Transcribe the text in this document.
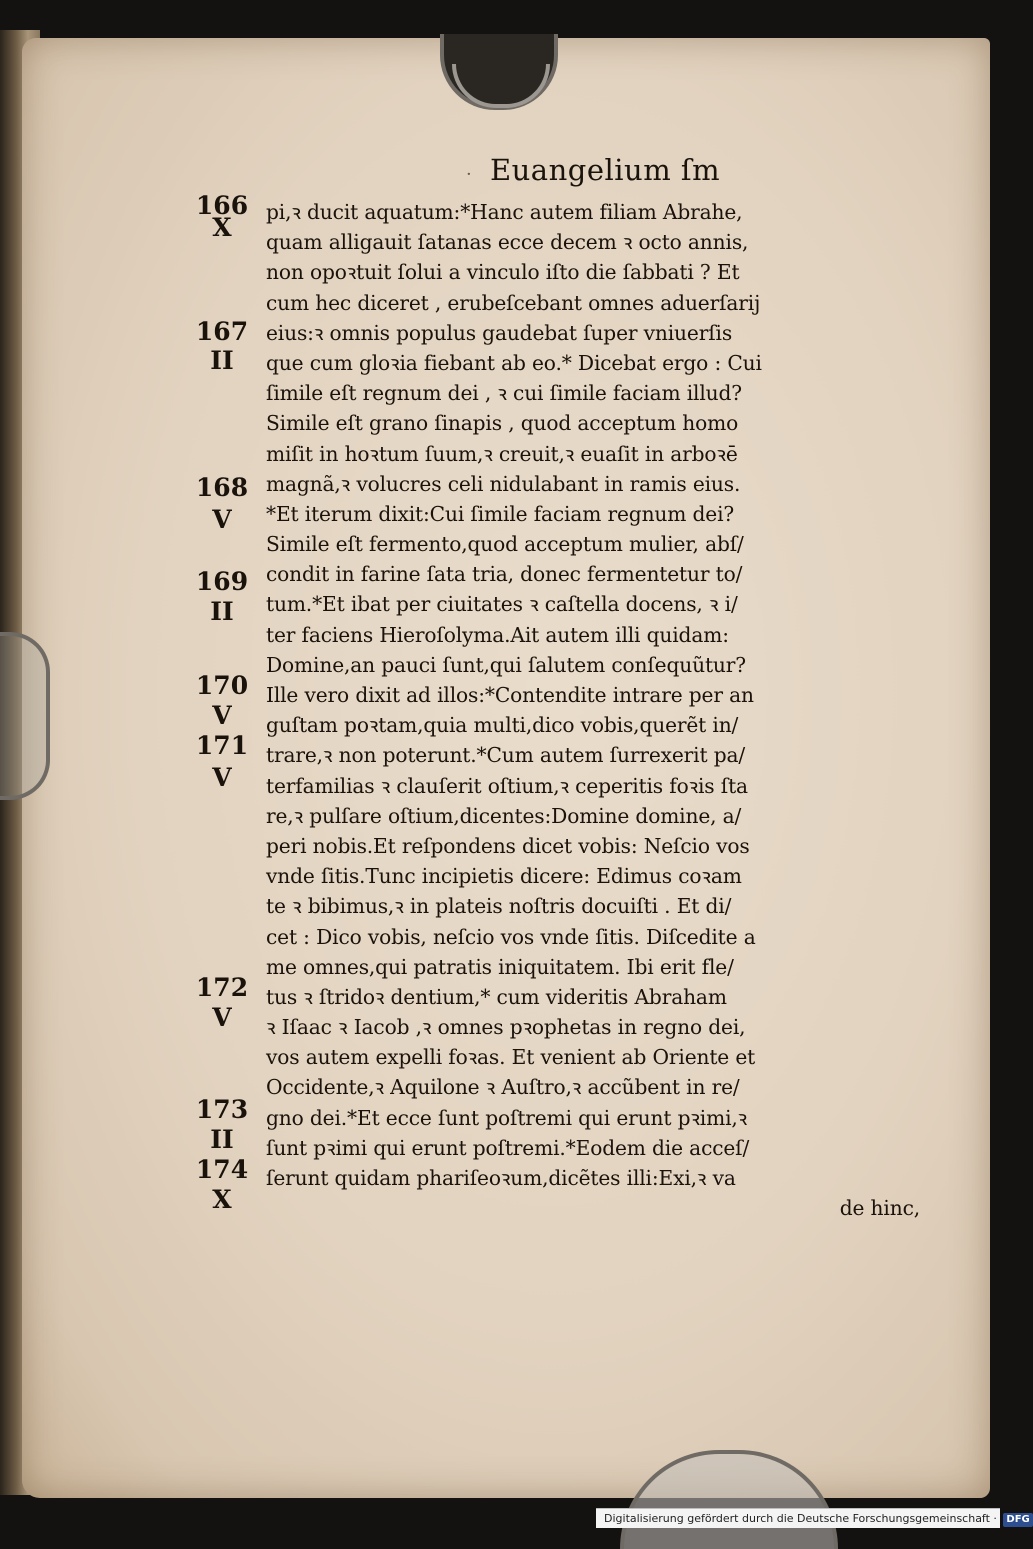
· Euangelium ſm
166
X
167
II
168
V
169
II
170
V
171
V
172
V
173
II
174
X
pi,ꝛ ducit aquatum:*Hanc autem filiam Abrahe,
quam alligauit ſatanas ecce decem ꝛ octo annis,
non opoꝛtuit ſolui a vinculo iſto die ſabbati ? Et
cum hec diceret , erubeſcebant omnes aduerſarij
eius:ꝛ omnis populus gaudebat ſuper vniuerſis
que cum gloꝛia fiebant ab eo.* Dicebat ergo : Cui
ſimile eſt regnum dei , ꝛ cui ſimile faciam illud?
Simile eſt grano ſinapis , quod acceptum homo
miſit in hoꝛtum ſuum,ꝛ creuit,ꝛ euaſit in arboꝛē
magnã,ꝛ volucres celi nidulabant in ramis eius.
*Et iterum dixit:Cui ſimile faciam regnum dei?
Simile eſt fermento,quod acceptum mulier, abſ/
condit in farine ſata tria, donec fermentetur to/
tum.*Et ibat per ciuitates ꝛ caſtella docens, ꝛ i/
ter faciens Hieroſolyma.Ait autem illi quidam:
Domine,an pauci ſunt,qui ſalutem conſequũtur?
Ille vero dixit ad illos:*Contendite intrare per an
guſtam poꝛtam,quia multi,dico vobis,querẽt in/
trare,ꝛ non poterunt.*Cum autem ſurrexerit pa/
terfamilias ꝛ clauſerit oſtium,ꝛ ceperitis foꝛis ſta
re,ꝛ pulſare oſtium,dicentes:Domine domine, a/
peri nobis.Et reſpondens dicet vobis: Neſcio vos
vnde ſitis.Tunc incipietis dicere: Edimus coꝛam
te ꝛ bibimus,ꝛ in plateis noſtris docuiſti . Et di/
cet : Dico vobis, neſcio vos vnde ſitis. Diſcedite a
me omnes,qui patratis iniquitatem. Ibi erit fle/
tus ꝛ ſtridoꝛ dentium,* cum videritis Abraham
ꝛ Iſaac ꝛ Iacob ,ꝛ omnes pꝛophetas in regno dei,
vos autem expelli foꝛas. Et venient ab Oriente et
Occidente,ꝛ Aquilone ꝛ Auſtro,ꝛ accũbent in re/
gno dei.*Et ecce ſunt poſtremi qui erunt pꝛimi,ꝛ
ſunt pꝛimi qui erunt poſtremi.*Eodem die acceſ/
ſerunt quidam phariſeoꝛum,dicẽtes illi:Exi,ꝛ va
de hinc,
Digitalisierung gefördert durch die Deutsche Forschungsgemeinschaft · DFG
